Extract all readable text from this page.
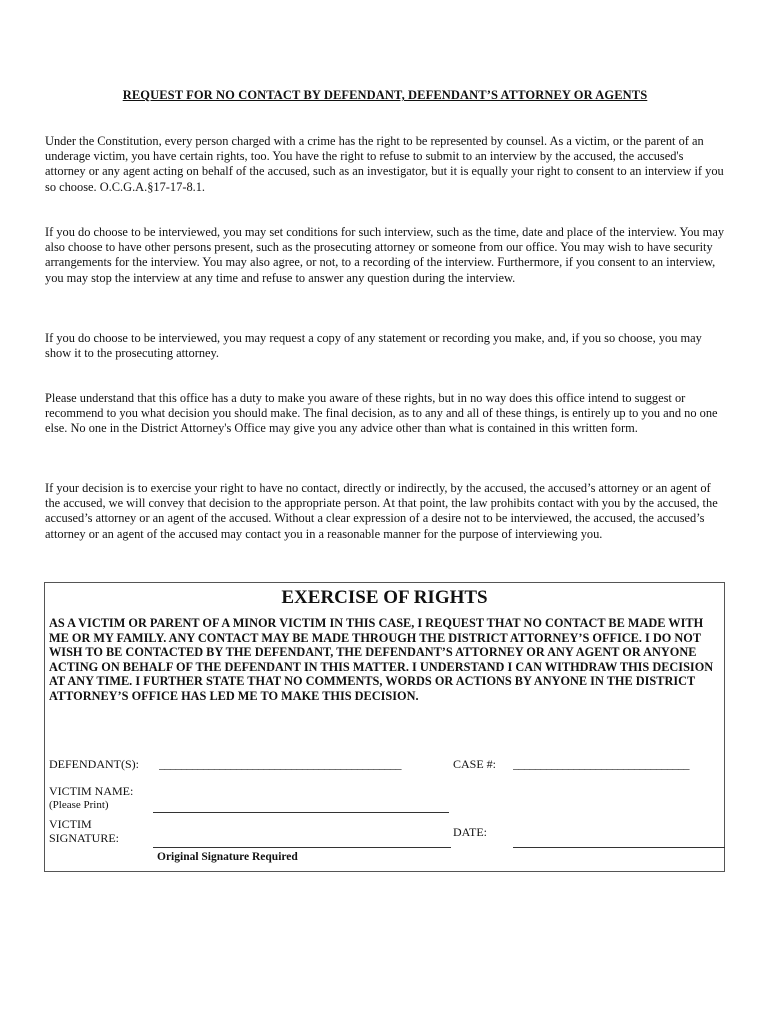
REQUEST FOR NO CONTACT BY DEFENDANT, DEFENDANT’S ATTORNEY OR AGENTS

Under the Constitution, every person charged with a crime has the right to be represented by counsel. As a victim, or the parent of an underage victim, you have certain rights, too. You have the right to refuse to submit to an interview by the accused, the accused's attorney or any agent acting on behalf of the accused, such as an investigator, but it is equally your right to consent to an interview if you so choose. O.C.G.A.§17-17-8.1.

If you do choose to be interviewed, you may set conditions for such interview, such as the time, date and place of the interview. You may also choose to have other persons present, such as the prosecuting attorney or someone from our office. You may wish to have security arrangements for the interview. You may also agree, or not, to a recording of the interview. Furthermore, if you consent to an interview, you may stop the interview at any time and refuse to answer any question during the interview.

If you do choose to be interviewed, you may request a copy of any statement or recording you make, and, if you so choose, you may show it to the prosecuting attorney.

Please understand that this office has a duty to make you aware of these rights, but in no way does this office intend to suggest or recommend to you what decision you should make. The final decision, as to any and all of these things, is entirely up to you and no one else. No one in the District Attorney's Office may give you any advice other than what is contained in this written form.

If your decision is to exercise your right to have no contact, directly or indirectly, by the accused, the accused’s attorney or an agent of the accused, we will convey that decision to the appropriate person. At that point, the law prohibits contact with you by the accused, the accused’s attorney or an agent of the accused. Without a clear expression of a desire not to be interviewed, the accused, the accused’s attorney or an agent of the accused may contact you in a reasonable manner for the purpose of interviewing you.

EXERCISE OF RIGHTS

AS A VICTIM OR PARENT OF A MINOR VICTIM IN THIS CASE, I REQUEST THAT NO CONTACT BE MADE WITH ME OR MY FAMILY. ANY CONTACT MAY BE MADE THROUGH THE DISTRICT ATTORNEY’S OFFICE. I DO NOT WISH TO BE CONTACTED BY THE DEFENDANT, THE DEFENDANT’S ATTORNEY OR ANY AGENT OR ANYONE ACTING ON BEHALF OF THE DEFENDANT IN THIS MATTER. I UNDERSTAND I CAN WITHDRAW THIS DECISION AT ANY TIME. I FURTHER STATE THAT NO COMMENTS, WORDS OR ACTIONS BY ANYONE IN THE DISTRICT ATTORNEY’S OFFICE HAS LED ME TO MAKE THIS DECISION.

DEFENDANT(S): ____________________________________________	CASE #: ________________________________
VICTIM NAME:
(Please Print)
VICTIM
SIGNATURE:	DATE:
Original Signature Required
